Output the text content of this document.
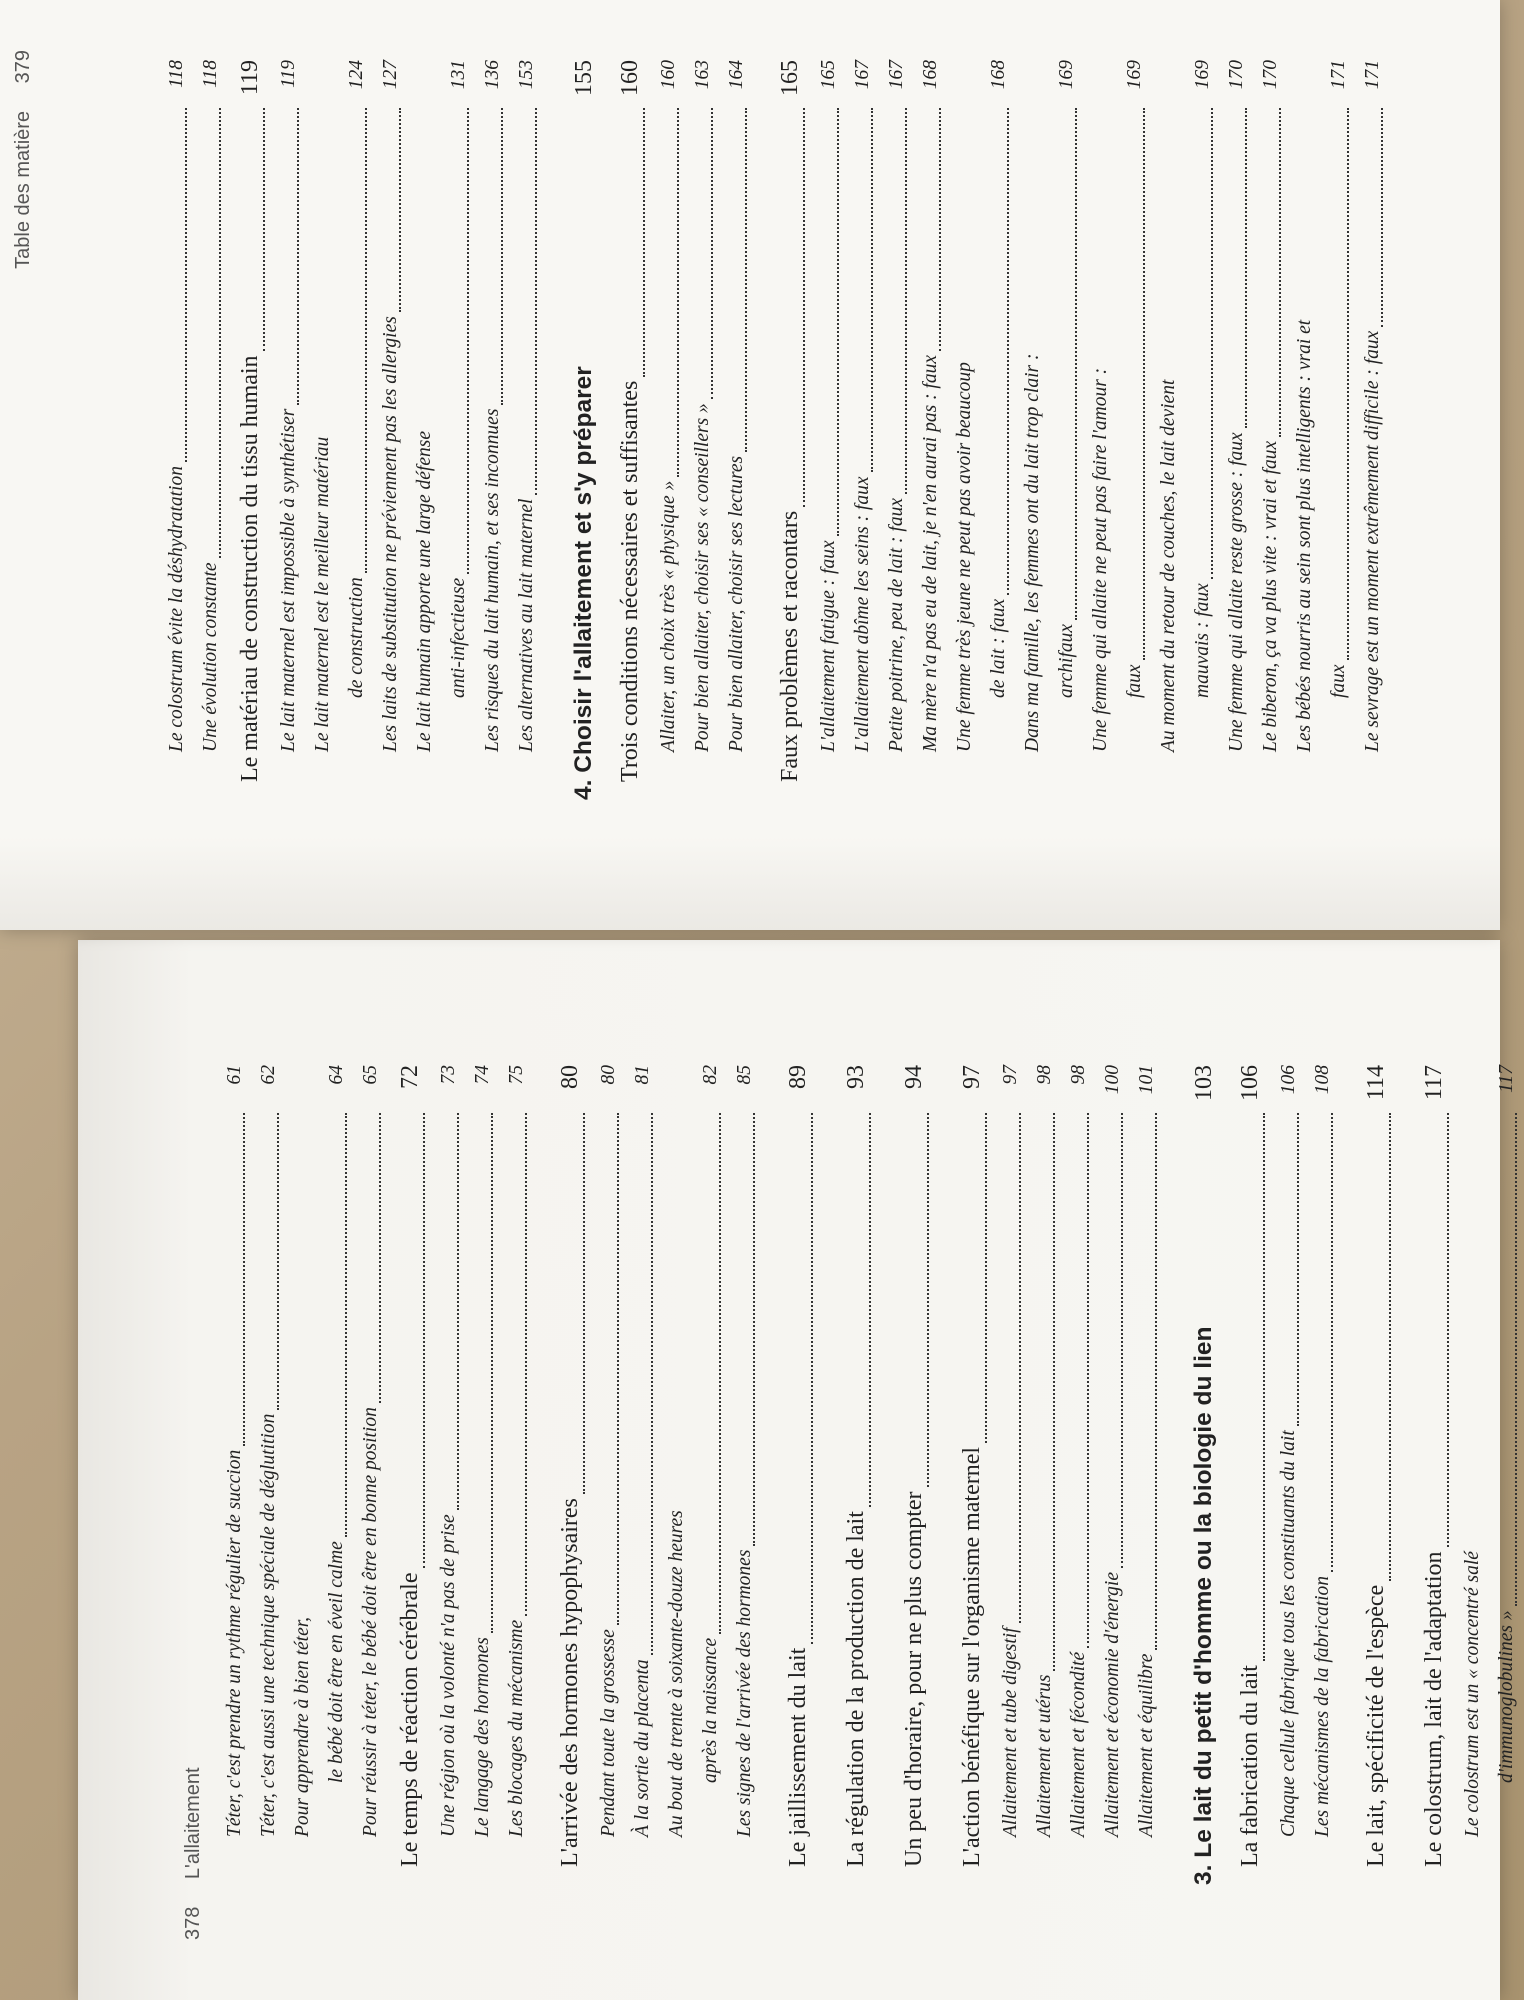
378 L'allaitement	Téter, c'est prendre un rythme régulier de succion
61
Téter, c'est aussi une technique spéciale de déglutition
62
Pour apprendre à bien téter, le bébé doit être en éveil calme
64
Pour réussir à téter, le bébé doit être en bonne position
65
Le temps de réaction cérébrale
72
Une région où la volonté n'a pas de prise
73
Le langage des hormones
74
Les blocages du mécanisme
75
L'arrivée des hormones hypophysaires
80
Pendant toute la grossesse
80
À la sortie du placenta
81
Au bout de trente à soixante-douze heures après la naissance
82
Les signes de l'arrivée des hormones
85
Le jaillissement du lait
89
La régulation de la production de lait
93
Un peu d'horaire, pour ne plus compter
94
L'action bénéfique sur l'organisme maternel
97
Allaitement et tube digestif
97
Allaitement et utérus
98
Allaitement et fécondité
98
Allaitement et économie d'énergie
100
Allaitement et équilibre
101
3. Le lait du petit d'homme ou la biologie du lien
103
La fabrication du lait
106
Chaque cellule fabrique tous les constituants du lait
106
Les mécanismes de la fabrication
108
Le lait, spécificité de l'espèce
114
Le colostrum, lait de l'adaptation
117
Le colostrum est un « concentré salé d'immunoglobulines »
117
Table des matière 379
Le colostrum évite la déshydratation
118
Une évolution constante
118
Le matériau de construction du tissu humain
119
Le lait maternel est impossible à synthétiser
119
Le lait maternel est le meilleur matériau de construction
124
Les laits de substitution ne préviennent pas les allergies
127
Le lait humain apporte une large défense anti-infectieuse
131
Les risques du lait humain, et ses inconnues
136
Les alternatives au lait maternel
153
4. Choisir l'allaitement et s'y préparer
155
Trois conditions nécessaires et suffisantes
160
Allaiter, un choix très « physique »
160
Pour bien allaiter, choisir ses « conseillers »
163
Pour bien allaiter, choisir ses lectures
164
Faux problèmes et racontars
165
L'allaitement fatigue : faux
165
L'allaitement abîme les seins : faux
167
Petite poitrine, peu de lait : faux
167
Ma mère n'a pas eu de lait, je n'en aurai pas : faux
168
Une femme très jeune ne peut pas avoir beaucoup de lait : faux
168
Dans ma famille, les femmes ont du lait trop clair : archifaux
169
Une femme qui allaite ne peut pas faire l'amour : faux
169
Au moment du retour de couches, le lait devient mauvais : faux
169
Une femme qui allaite reste grosse : faux
170
Le biberon, ça va plus vite : vrai et faux
170
Les bébés nourris au sein sont plus intelligents : vrai et faux
171
Le sevrage est un moment extrêmement difficile : faux
171
